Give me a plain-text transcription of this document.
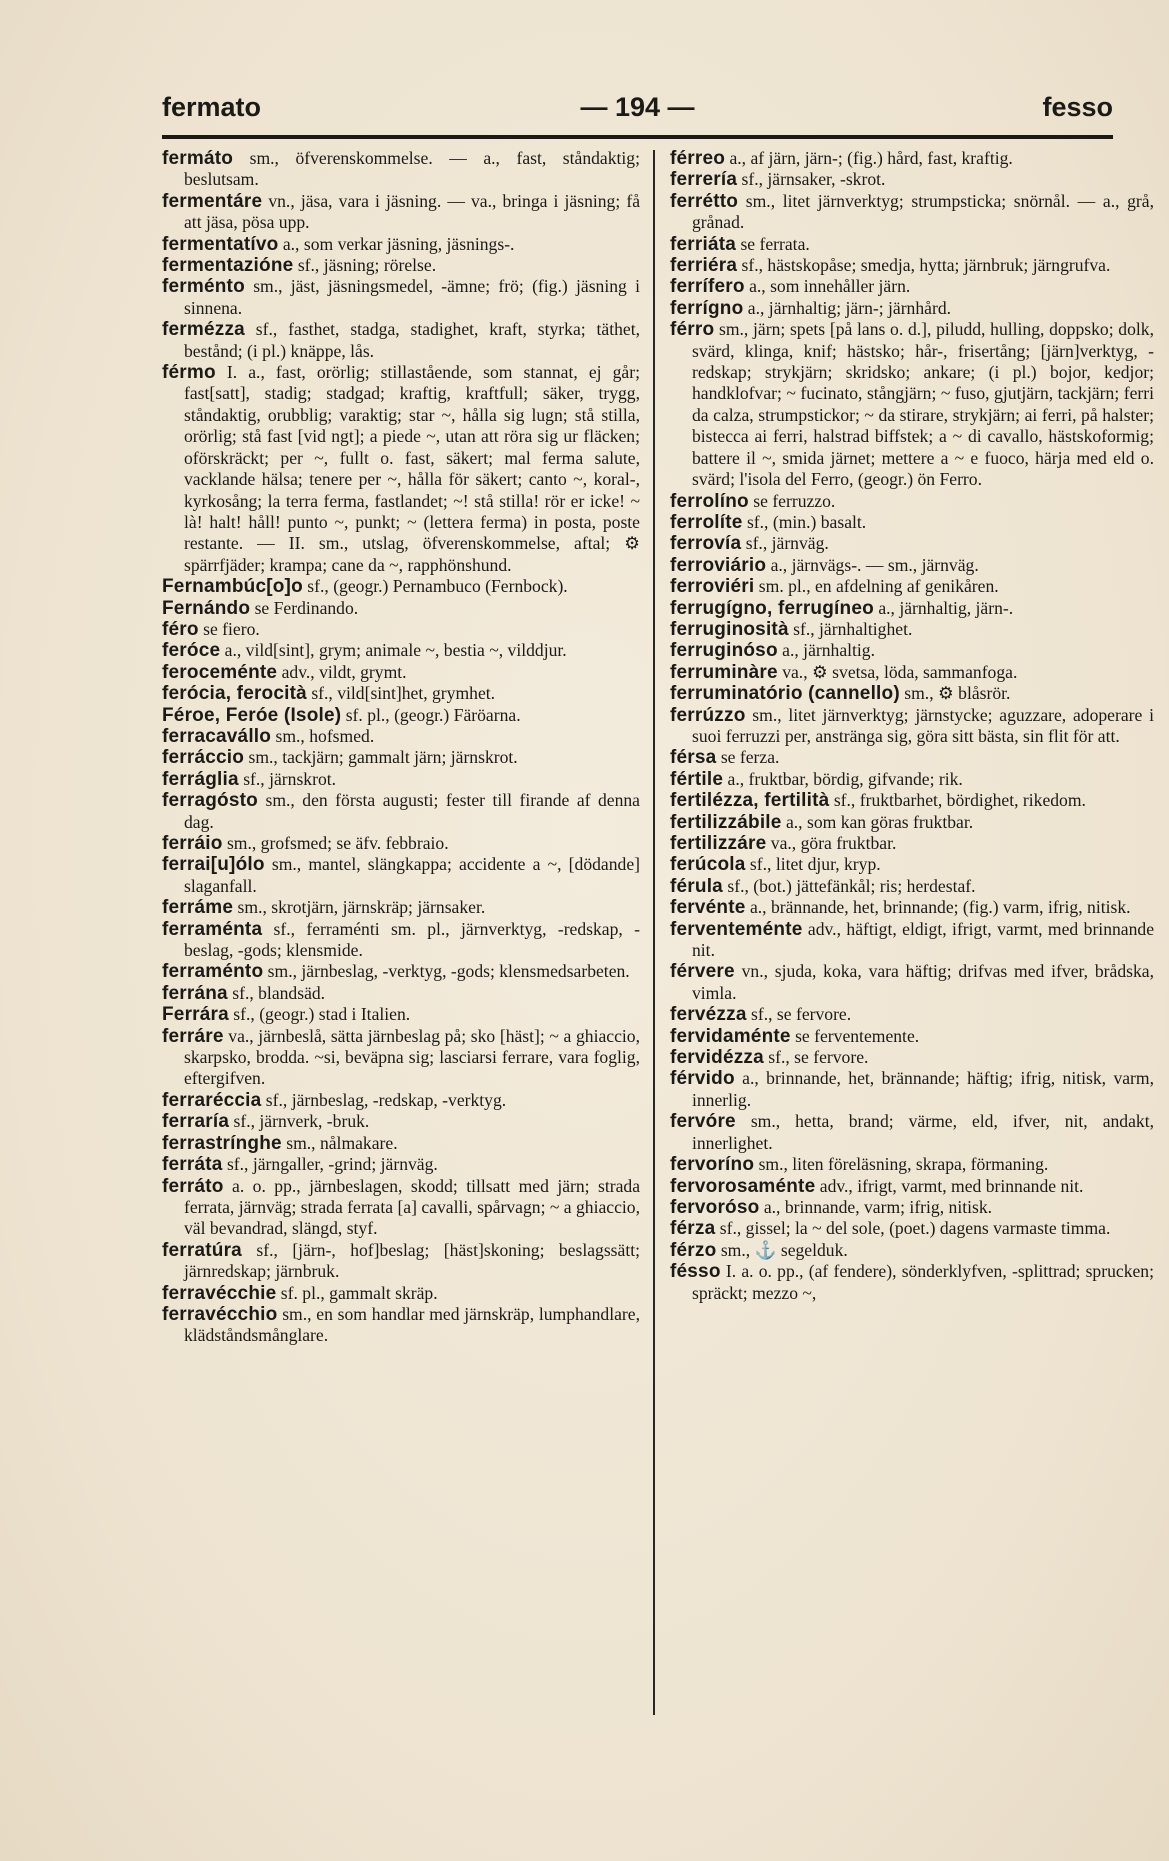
fermato	— 194 —	fesso

fermáto sm., öfverenskommelse. — a., fast, ståndaktig; beslutsam.

fermentáre vn., jäsa, vara i jäsning. — va., bringa i jäsning; få att jäsa, pösa upp.

fermentatívo a., som verkar jäsning, jäsnings-.

fermentazióne sf., jäsning; rörelse.

ferménto sm., jäst, jäsningsmedel, -ämne; frö; (fig.) jäsning i sinnena.

fermézza sf., fasthet, stadga, stadighet, kraft, styrka; täthet, bestånd; (i pl.) knäppe, lås.

férmo I. a., fast, orörlig; stillastående, som stannat, ej går; fast[satt], stadig; stadgad; kraftig, kraftfull; säker, trygg, ståndaktig, orubblig; varaktig; star ~, hålla sig lugn; stå stilla, orörlig; stå fast [vid ngt]; a piede ~, utan att röra sig ur fläcken; oförskräckt; per ~, fullt o. fast, säkert; mal ferma salute, vacklande hälsa; tenere per ~, hålla för säkert; canto ~, koral-, kyrkosång; la terra ferma, fastlandet; ~! stå stilla! rör er icke! ~ là! halt! håll! punto ~, punkt; ~ (lettera ferma) in posta, poste restante. — II. sm., utslag, öfverenskommelse, aftal; ⚙ spärrfjäder; krampa; cane da ~, rapphönshund.

Fernambúc[o]o sf., (geogr.) Pernambuco (Fernbock).

Fernándo se Ferdinando.

féro se fiero.

feróce a., vild[sint], grym; animale ~, bestia ~, vilddjur.

feroceménte adv., vildt, grymt.

ferócia, ferocità sf., vild[sint]het, grymhet.

Féroe, Feróe (Isole) sf. pl., (geogr.) Färöarna.

ferracavállo sm., hofsmed.

ferráccio sm., tackjärn; gammalt järn; järnskrot.

ferráglia sf., järnskrot.

ferragósto sm., den första augusti; fester till firande af denna dag.

ferráio sm., grofsmed; se äfv. febbraio.

ferrai[u]ólo sm., mantel, slängkappa; accidente a ~, [dödande] slaganfall.

ferráme sm., skrotjärn, järnskräp; järnsaker.

ferraménta sf., ferraménti sm. pl., järnverktyg, -redskap, -beslag, -gods; klensmide.

ferraménto sm., järnbeslag, -verktyg, -gods; klensmedsarbeten.

ferrána sf., blandsäd.

Ferrára sf., (geogr.) stad i Italien.

ferráre va., järnbeslå, sätta järnbeslag på; sko [häst]; ~ a ghiaccio, skarpsko, brodda. ~si, beväpna sig; lasciarsi ferrare, vara foglig, eftergifven.

ferraréccia sf., järnbeslag, -redskap, -verktyg.

ferraría sf., järnverk, -bruk.

ferrastrínghe sm., nålmakare.

ferráta sf., järngaller, -grind; järnväg.

ferráto a. o. pp., järnbeslagen, skodd; tillsatt med järn; strada ferrata, järnväg; strada ferrata [a] cavalli, spårvagn; ~ a ghiaccio, väl bevandrad, slängd, styf.

ferratúra sf., [järn-, hof]beslag; [häst]skoning; beslagssätt; järnredskap; järnbruk.

ferravécchie sf. pl., gammalt skräp.

ferravécchio sm., en som handlar med järnskräp, lumphandlare, klädståndsmånglare.

férreo a., af järn, järn-; (fig.) hård, fast, kraftig.

ferrería sf., järnsaker, -skrot.

ferrétto sm., litet järnverktyg; strumpsticka; snörnål. — a., grå, grånad.

ferriáta se ferrata.

ferriéra sf., hästskopåse; smedja, hytta; järnbruk; järngrufva.

ferrífero a., som innehåller järn.

ferrígno a., järnhaltig; järn-; järnhård.

férro sm., järn; spets [på lans o. d.], piludd, hulling, doppsko; dolk, svärd, klinga, knif; hästsko; hår-, frisertång; [järn]verktyg, -redskap; strykjärn; skridsko; ankare; (i pl.) bojor, kedjor; handklofvar; ~ fucinato, stångjärn; ~ fuso, gjutjärn, tackjärn; ferri da calza, strumpstickor; ~ da stirare, strykjärn; ai ferri, på halster; bistecca ai ferri, halstrad biffstek; a ~ di cavallo, hästskoformig; battere il ~, smida järnet; mettere a ~ e fuoco, härja med eld o. svärd; l'isola del Ferro, (geogr.) ön Ferro.

ferrolíno se ferruzzo.

ferrolíte sf., (min.) basalt.

ferrovía sf., järnväg.

ferroviário a., järnvägs-. — sm., järnväg.

ferroviéri sm. pl., en afdelning af genikåren.

ferrugígno, ferrugíneo a., järnhaltig, järn-.

ferruginosità sf., järnhaltighet.

ferruginóso a., järnhaltig.

ferruminàre va., ⚙ svetsa, löda, sammanfoga.

ferruminatório (cannello) sm., ⚙ blåsrör.

ferrúzzo sm., litet järnverktyg; järnstycke; aguzzare, adoperare i suoi ferruzzi per, anstränga sig, göra sitt bästa, sin flit för att.

férsa se ferza.

fértile a., fruktbar, bördig, gifvande; rik.

fertilézza, fertilità sf., fruktbarhet, bördighet, rikedom.

fertilizzábile a., som kan göras fruktbar.

fertilizzáre va., göra fruktbar.

ferúcola sf., litet djur, kryp.

férula sf., (bot.) jättefänkål; ris; herdestaf.

fervénte a., brännande, het, brinnande; (fig.) varm, ifrig, nitisk.

ferventeménte adv., häftigt, eldigt, ifrigt, varmt, med brinnande nit.

férvere vn., sjuda, koka, vara häftig; drifvas med ifver, brådska, vimla.

fervézza sf., se fervore.

fervidaménte se ferventemente.

fervidézza sf., se fervore.

férvido a., brinnande, het, brännande; häftig; ifrig, nitisk, varm, innerlig.

fervóre sm., hetta, brand; värme, eld, ifver, nit, andakt, innerlighet.

fervoríno sm., liten föreläsning, skrapa, förmaning.

fervorosaménte adv., ifrigt, varmt, med brinnande nit.

fervoróso a., brinnande, varm; ifrig, nitisk.

férza sf., gissel; la ~ del sole, (poet.) dagens varmaste timma.

férzo sm., ⚓ segelduk.

fésso I. a. o. pp., (af fendere), sönderklyfven, -splittrad; sprucken; spräckt; mezzo ~,
